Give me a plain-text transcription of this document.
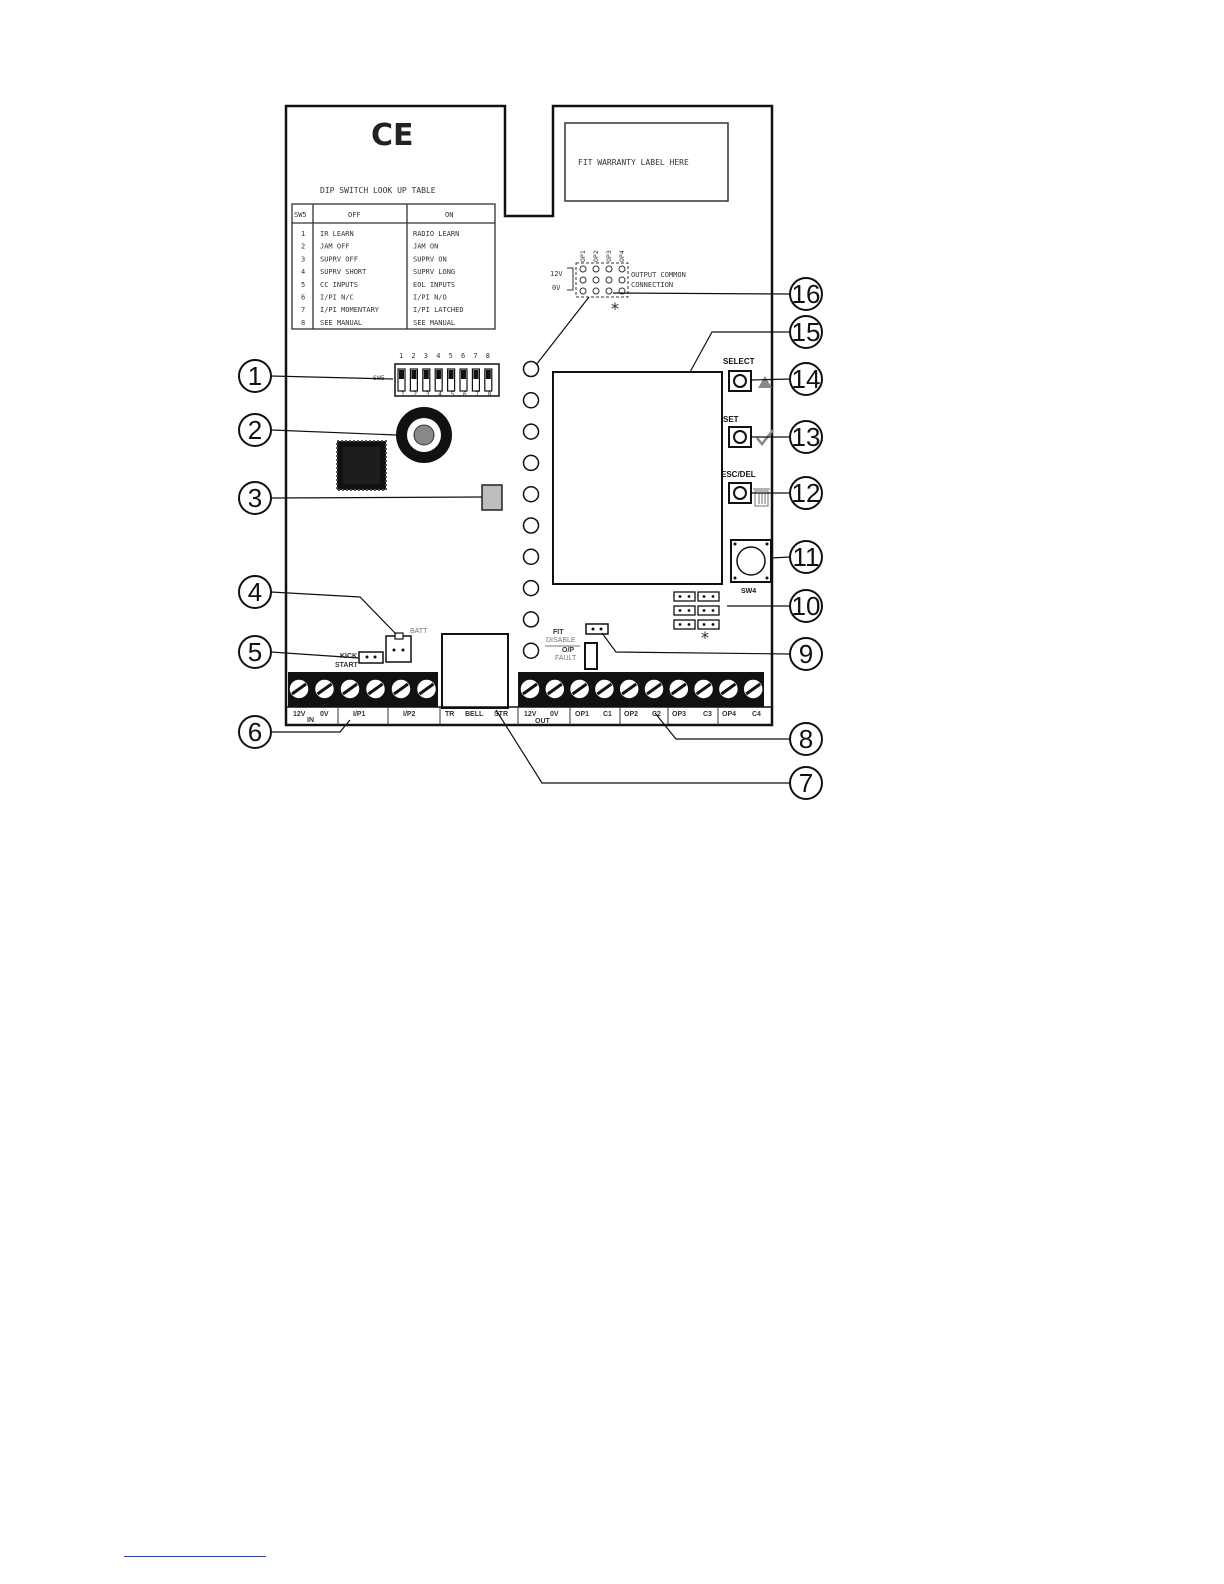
CE
FIT WARRANTY LABEL HERE
DIP SWITCH LOOK UP TABLE
SW5	OFF	ON
1 IR LEARN	RADIO LEARN
2 JAM OFF	JAM ON
3 SUPRV OFF	SUPRV ON
4 SUPRV SHORT	SUPRV LONG
5 CC INPUTS	EOL INPUTS
6 I/PI N/C	I/PI N/O
7 I/PI MOMENTARY	I/PI LATCHED
8 SEE MANUAL	SEE MANUAL
1 2 3 4 5 6 7 8
SW5
1 2 3 4 5 6 7 8
OP1 OP2 OP3 OP4
12V
0V
OUTPUT COMMON
CONNECTION
*
SELECT
SET
ESC/DEL
SW4
*
FIT
DISABLE
O/P
FAULT
BATT
KICK
START
12V 0V	I/P1	I/P2
IN
TR BELL STR 12V 0V OP1 C1 OP2 C2 OP3 C3 OP4 C4
OUT
1
2
3
4
5
6
7
8
9
10
11
12
13
14
15
16
